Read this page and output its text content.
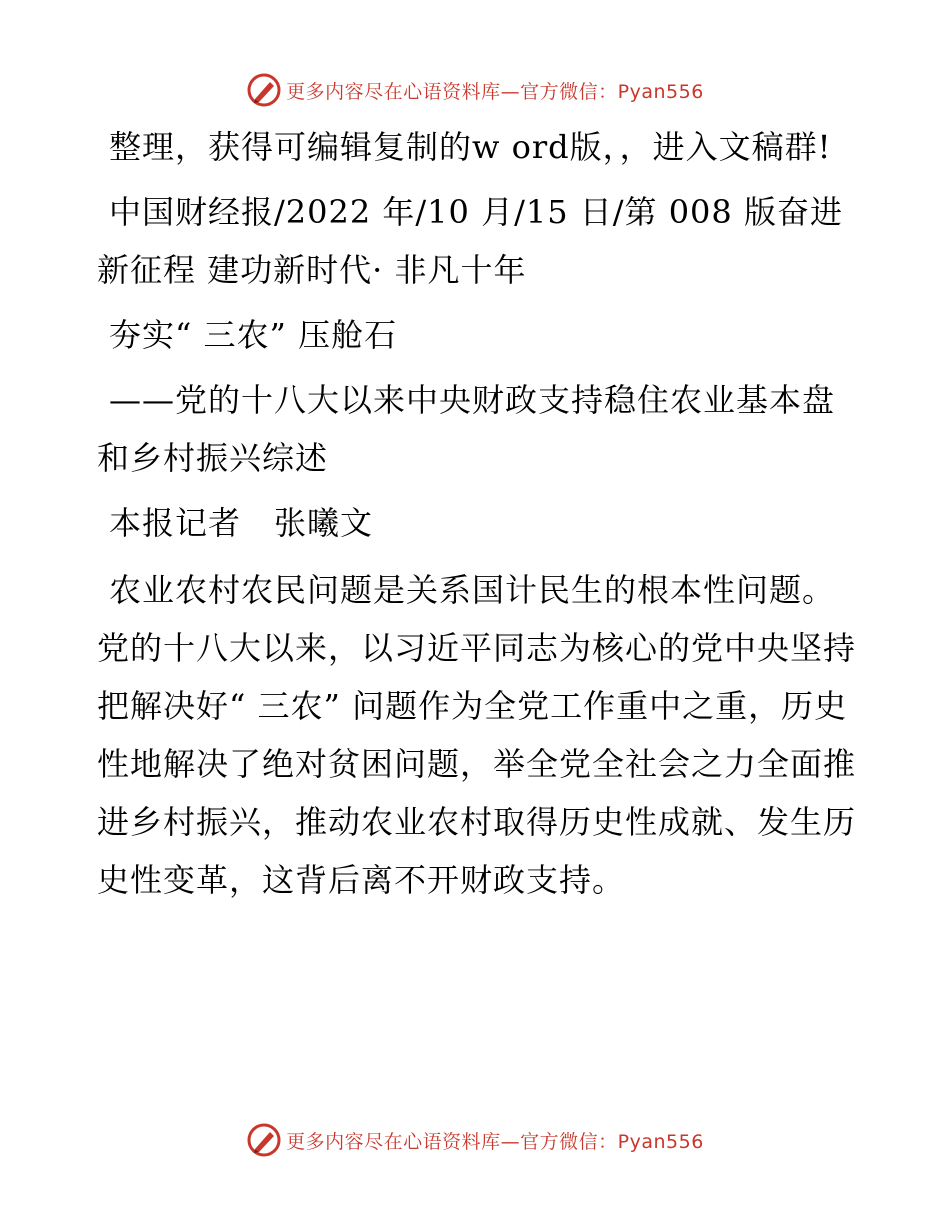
更多内容尽在心语资料库—官方微信：Pyan556

整理，获得可编辑复制的w ord版，，进入文稿群!

中国财经报/2022 年/10 月/15 日/第 008 版奋进新征程 建功新时代· 非凡十年

夯实“ 三农” 压舱石

——党的十八大以来中央财政支持稳住农业基本盘和乡村振兴综述

本报记者　张曦文

农业农村农民问题是关系国计民生的根本性问题。党的十八大以来，以习近平同志为核心的党中央坚持把解决好“ 三农” 问题作为全党工作重中之重，历史性地解决了绝对贫困问题，举全党全社会之力全面推进乡村振兴，推动农业农村取得历史性成就、发生历史性变革，这背后离不开财政支持。

更多内容尽在心语资料库—官方微信：Pyan556
